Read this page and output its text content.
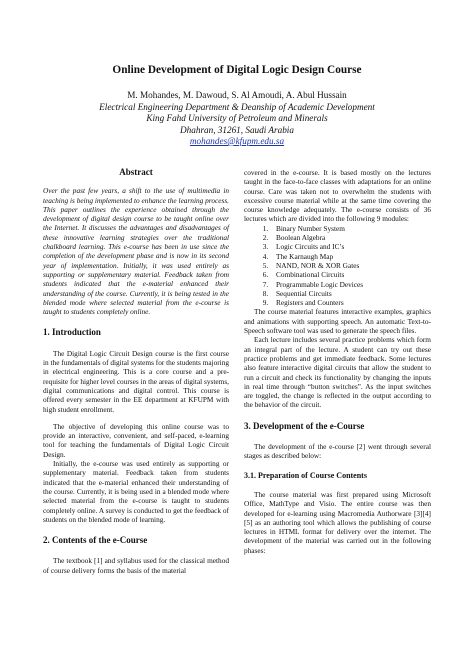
Online Development of Digital Logic Design Course
M. Mohandes, M. Dawoud, S. Al Amoudi, A. Abul Hussain
Electrical Engineering Department & Deanship of Academic Development
King Fahd University of Petroleum and Minerals
Dhahran, 31261, Saudi Arabia
mohandes@kfupm.edu.sa
Abstract

Over the past few years, a shift to the use of multimedia in teaching is being implemented to enhance the learning process. This paper outlines the experience obtained through the development of digital design course to be taught online over the Internet. It discusses the advantages and disadvantages of these innovative learning strategies over the traditional chalkboard learning. This e-course has been in use since the completion of the development phase and is now in its second year of implementation. Initially, it was used entirely as supporting or supplementary material. Feedback taken from students indicated that the e-material enhanced their understanding of the course. Currently, it is being tested in the blended mode where selected material from the e-course is taught to students completely online.

1. Introduction

The Digital Logic Circuit Design course is the first course in the fundamentals of digital systems for the students majoring in electrical engineering. This is a core course and a pre-requisite for higher level courses in the areas of digital systems, digital communications and digital control. This course is offered every semester in the EE department at KFUPM with high student enrollment.

The objective of developing this online course was to provide an interactive, convenient, and self-paced, e-learning tool for teaching the fundamentals of Digital Logic Circuit Design.

Initially, the e-course was used entirely as supporting or supplementary material. Feedback taken from students indicated that the e-material enhanced their understanding of the course. Currently, it is being used in a blended mode where selected material from the e-course is taught to students completely online. A survey is conducted to get the feedback of students on the blended mode of learning.

2. Contents of the e-Course

The textbook [1] and syllabus used for the classical method of course delivery forms the basis of the material

covered in the e-course. It is based mostly on the lectures taught in the face-to-face classes with adaptations for an online course. Care was taken not to overwhelm the students with excessive course material while at the same time covering the course knowledge adequately. The e-course consists of 36 lectures which are divided into the following 9 modules:

1. Binary Number System
2. Boolean Algebra
3. Logic Circuits and IC’s
4. The Karnaugh Map
5. NAND, NOR & XOR Gates
6. Combinational Circuits
7. Programmable Logic Devices
8. Sequential Circuits
9. Registers and Counters

The course material features interactive examples, graphics and animations with supporting speech. An automatic Text-to-Speech software tool was used to generate the speech files.

Each lecture includes several practice problems which form an integral part of the lecture. A student can try out these practice problems and get immediate feedback. Some lectures also feature interactive digital circuits that allow the student to run a circuit and check its functionality by changing the inputs in real time through “button switches”. As the input switches are toggled, the change is reflected in the output according to the behavior of the circuit.

3. Development of the e-Course

The development of the e-course [2] went through several stages as described below:

3.1. Preparation of Course Contents

The course material was first prepared using Microsoft Office, MathType and Visio. The entire course was then developed for e-learning using Macromedia Authorware [3][4][5] as an authoring tool which allows the publishing of course lectures in HTML format for delivery over the internet. The development of the material was carried out in the following phases:
